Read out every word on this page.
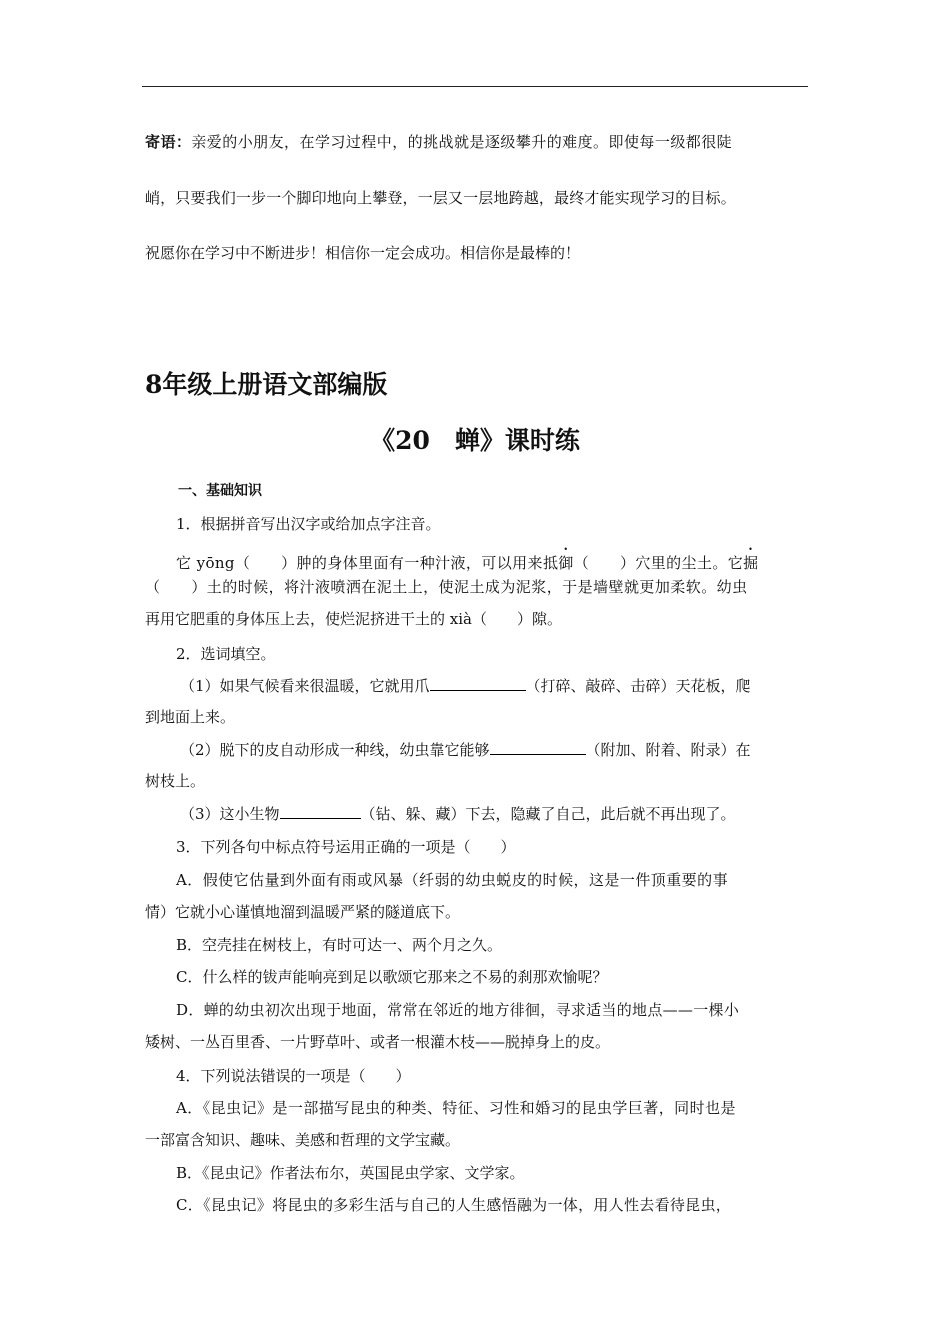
寄语：亲爱的小朋友，在学习过程中，的挑战就是逐级攀升的难度。即使每一级都很陡
峭，只要我们一步一个脚印地向上攀登，一层又一层地跨越，最终才能实现学习的目标。
祝愿你在学习中不断进步！相信你一定会成功。相信你是最棒的！
8年级上册语文部编版
《20　蝉》课时练
一、基础知识
1．根据拼音写出汉字或给加点字注音。
它 yōng（　　）肿的身体里面有一种汁液，可以用来抵御（　　）穴里的尘土。它掘
（　　）土的时候，将汁液喷洒在泥土上，使泥土成为泥浆，于是墙壁就更加柔软。幼虫
再用它肥重的身体压上去，使烂泥挤进干土的 xià（　　）隙。
2．选词填空。
（1）如果气候看来很温暖，它就用爪	（打碎、敲碎、击碎）天花板，爬
到地面上来。
（2）脱下的皮自动形成一种线，幼虫靠它能够	（附加、附着、附录）在
树枝上。
（3）这小生物	（钻、躲、藏）下去，隐藏了自己，此后就不再出现了。
3．下列各句中标点符号运用正确的一项是（　　）
A．假使它估量到外面有雨或风暴（纤弱的幼虫蜕皮的时候，这是一件顶重要的事
情）它就小心谨慎地溜到温暖严紧的隧道底下。
B．空壳挂在树枝上，有时可达一、两个月之久。
C．什么样的钹声能响亮到足以歌颂它那来之不易的刹那欢愉呢？
D．蝉的幼虫初次出现于地面，常常在邻近的地方徘徊，寻求适当的地点——一棵小
矮树、一丛百里香、一片野草叶、或者一根灌木枝——脱掉身上的皮。
4．下列说法错误的一项是（　　）
A．《昆虫记》是一部描写昆虫的种类、特征、习性和婚习的昆虫学巨著，同时也是
一部富含知识、趣味、美感和哲理的文学宝藏。
B．《昆虫记》作者法布尔，英国昆虫学家、文学家。
C．《昆虫记》将昆虫的多彩生活与自己的人生感悟融为一体，用人性去看待昆虫，
